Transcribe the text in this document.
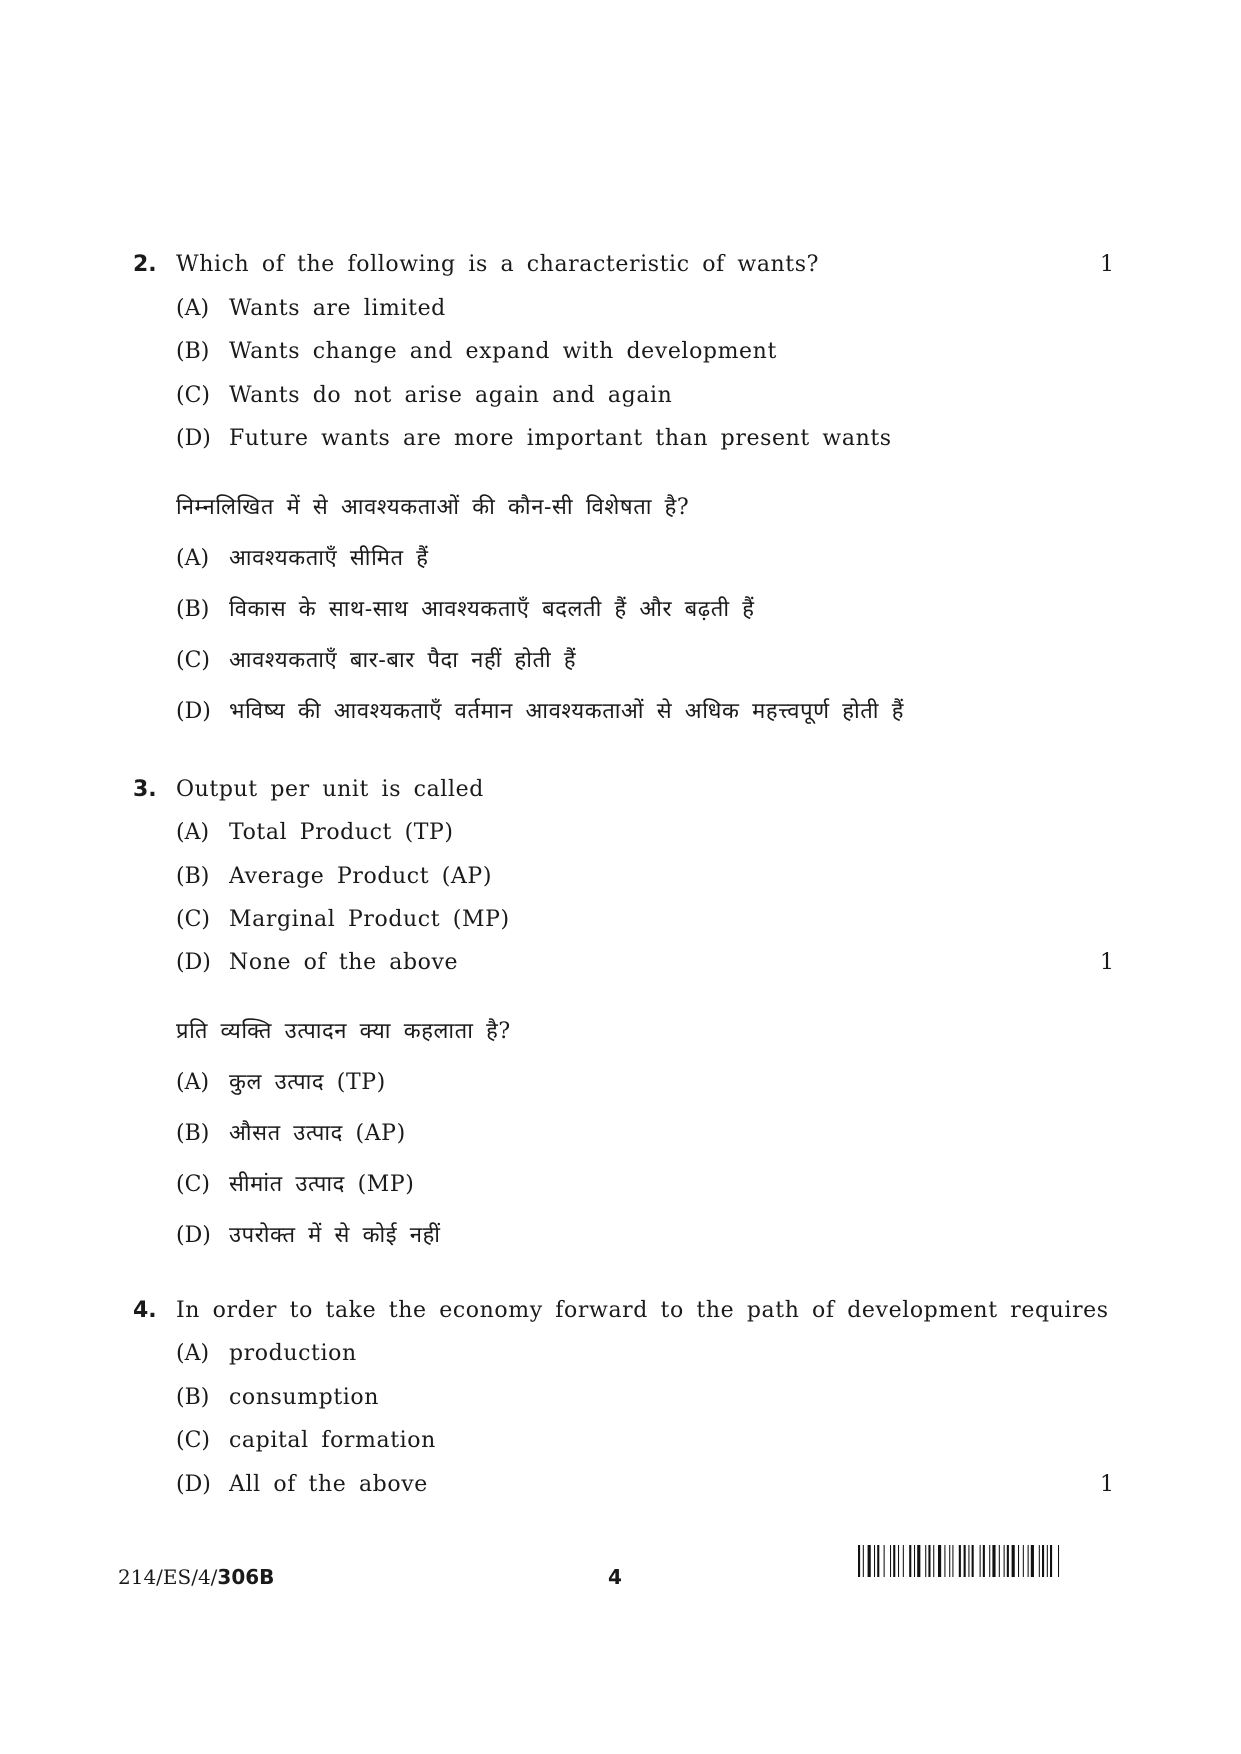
2. Which of the following is a characteristic of wants?	1
(A) Wants are limited
(B) Wants change and expand with development
(C) Wants do not arise again and again
(D) Future wants are more important than present wants
निम्नलिखित में से आवश्यकताओं की कौन-सी विशेषता है?
(A) आवश्यकताएँ सीमित हैं
(B) विकास के साथ-साथ आवश्यकताएँ बदलती हैं और बढ़ती हैं
(C) आवश्यकताएँ बार-बार पैदा नहीं होती हैं
(D) भविष्य की आवश्यकताएँ वर्तमान आवश्यकताओं से अधिक महत्त्वपूर्ण होती हैं
3. Output per unit is called
(A) Total Product (TP)
(B) Average Product (AP)
(C) Marginal Product (MP)
(D) None of the above	1
प्रति व्यक्ति उत्पादन क्या कहलाता है?
(A) कुल उत्पाद (TP)
(B) औसत उत्पाद (AP)
(C) सीमांत उत्पाद (MP)
(D) उपरोक्त में से कोई नहीं
4. In order to take the economy forward to the path of development requires
(A) production
(B) consumption
(C) capital formation
(D) All of the above	1
214/ES/4/306B	4
